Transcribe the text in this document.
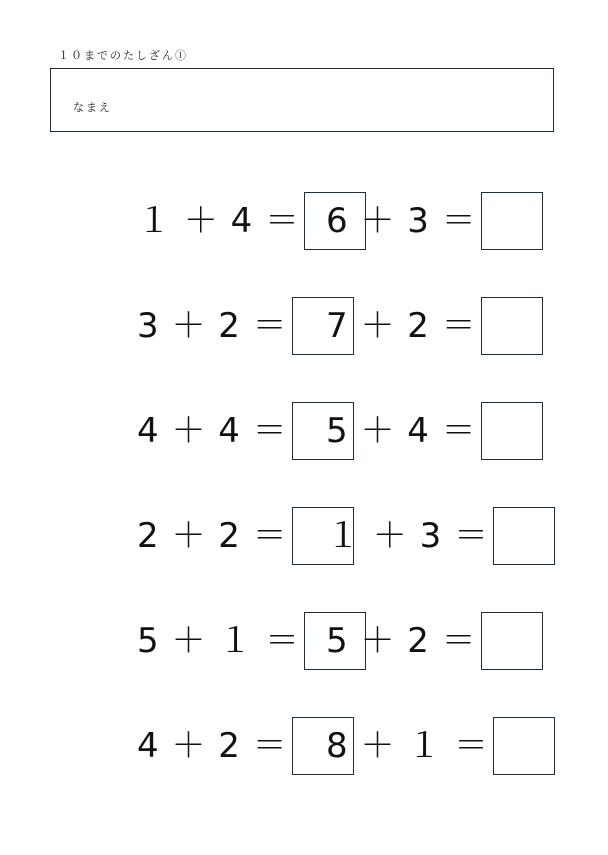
１０までのたしざん①
なまえ
１ ＋ 4 ＝ 6 ＋ 3 ＝
3 ＋ 2 ＝ 7 ＋ 2 ＝
4 ＋ 4 ＝ 5 ＋ 4 ＝
2 ＋ 2 ＝ １ ＋ 3 ＝
5 ＋ １ ＝ 5 ＋ 2 ＝
4 ＋ 2 ＝ 8 ＋ １ ＝
